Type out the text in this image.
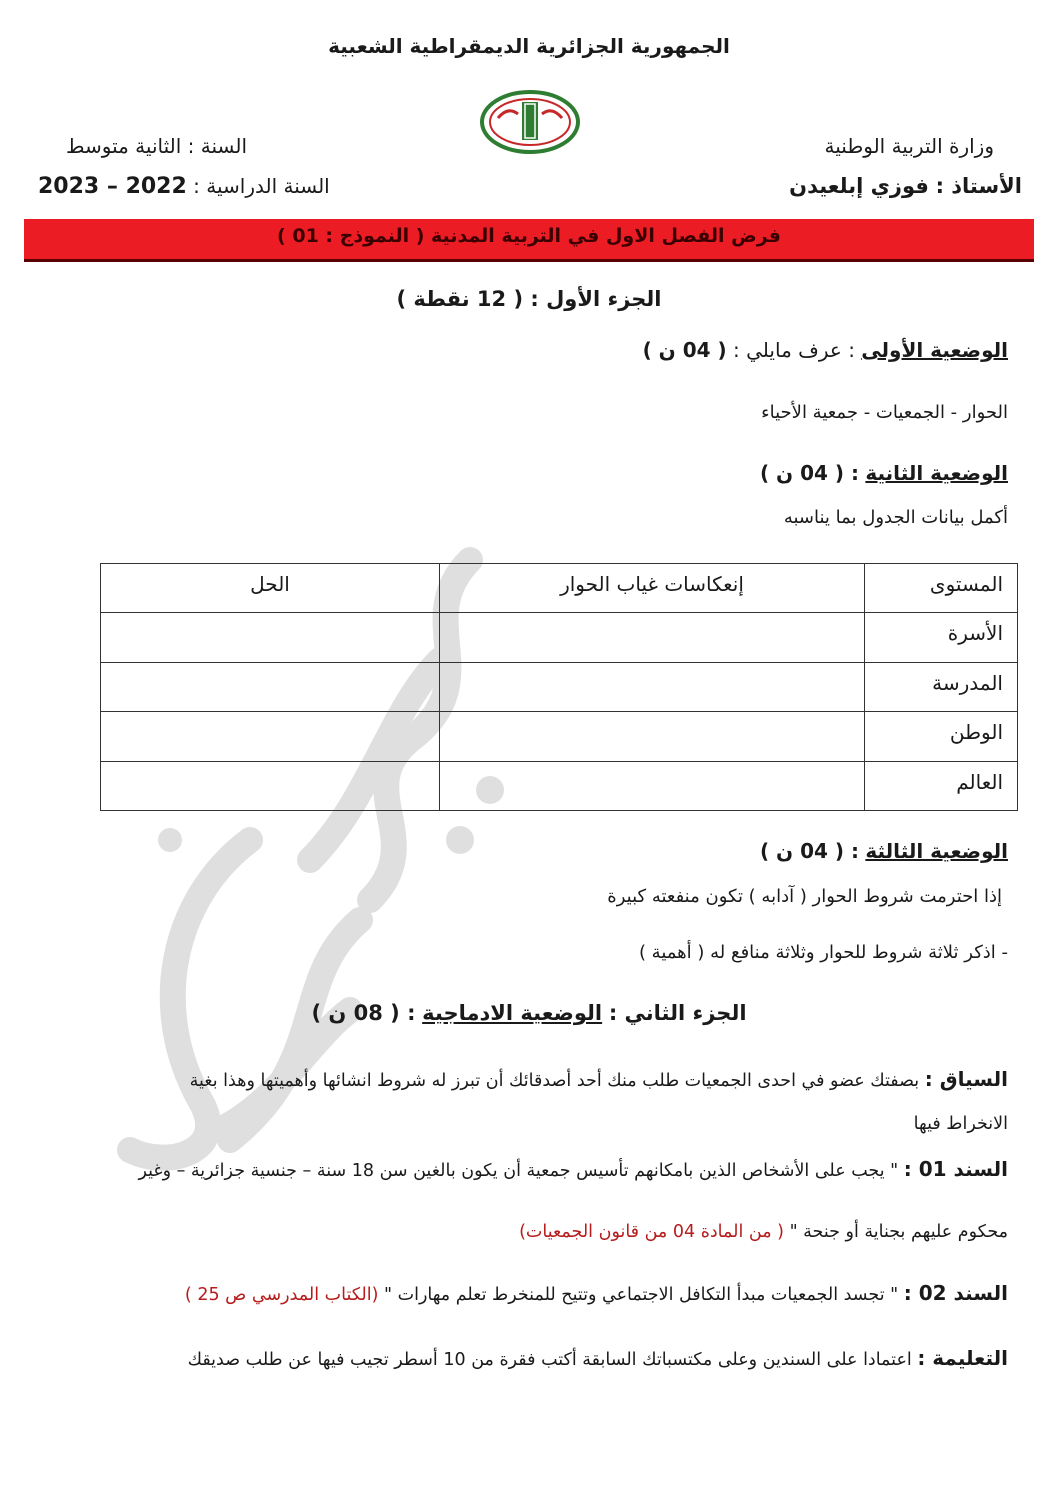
الجمهورية الجزائرية الديمقراطية الشعبية
وزارة التربية الوطنية
الأستاذ : فوزي إبلعيدن
السنة : الثانية متوسط
السنة الدراسية : 2022 – 2023
فرض الفصل الاول في التربية المدنية ( النموذج : 01 )
الجزء الأول : ( 12 نقطة )
الوضعية الأولى : عرف مايلي : ( 04 ن )
الحوار - الجمعيات - جمعية الأحياء
الوضعية الثانية : ( 04 ن )
أكمل بيانات الجدول بما يناسبه
المستوى	إنعكاسات غياب الحوار	الحل
الأسرة		
المدرسة		
الوطن		
العالم		
الوضعية الثالثة : ( 04 ن )
إذا احترمت شروط الحوار ( آدابه ) تكون منفعته كبيرة
- اذكر ثلاثة شروط للحوار وثلاثة منافع له ( أهمية )
الجزء الثاني : الوضعية الادماجية : ( 08 ن )
السياق : بصفتك عضو في احدى الجمعيات طلب منك أحد أصدقائك أن تبرز له شروط انشائها وأهميتها وهذا بغية
الانخراط فيها
السند 01 : " يجب على الأشخاص الذين بامكانهم تأسيس جمعية أن يكون بالغين سن 18 سنة – جنسية جزائرية – وغير
محكوم عليهم بجناية أو جنحة " ( من المادة 04 من قانون الجمعيات)
السند 02 : " تجسد الجمعيات مبدأ التكافل الاجتماعي وتتيح للمنخرط تعلم مهارات " (الكتاب المدرسي ص 25 )
التعليمة : اعتمادا على السندين وعلى مكتسباتك السابقة أكتب فقرة من 10 أسطر تجيب فيها عن طلب صديقك
